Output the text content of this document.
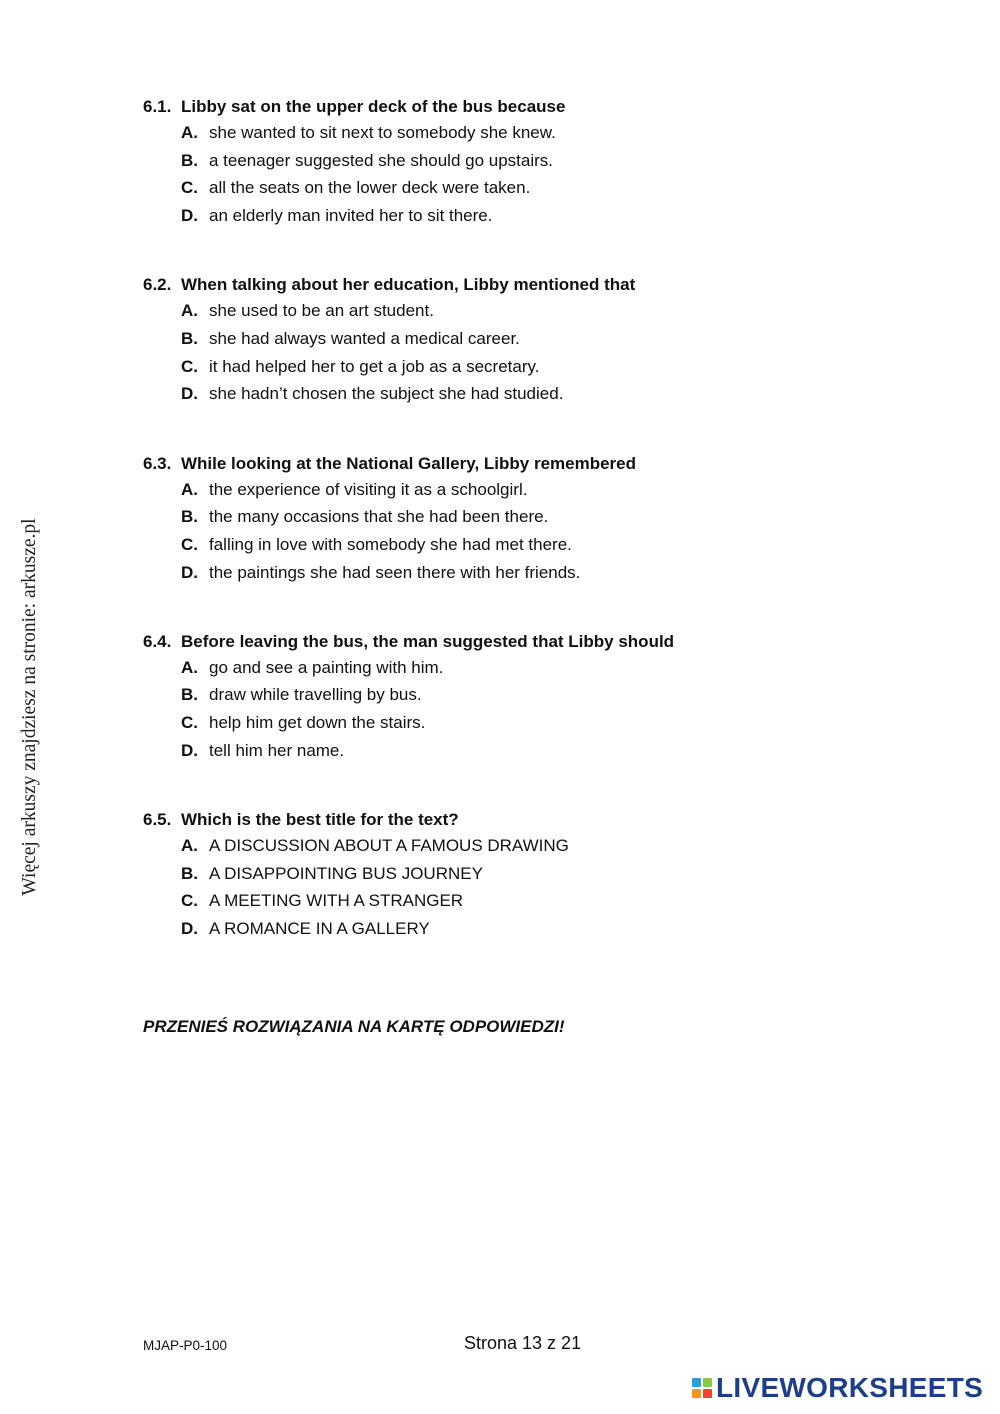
Więcej arkuszy znajdziesz na stronie: arkusze.pl
6.1. Libby sat on the upper deck of the bus because
A. she wanted to sit next to somebody she knew.
B. a teenager suggested she should go upstairs.
C. all the seats on the lower deck were taken.
D. an elderly man invited her to sit there.
6.2. When talking about her education, Libby mentioned that
A. she used to be an art student.
B. she had always wanted a medical career.
C. it had helped her to get a job as a secretary.
D. she hadn’t chosen the subject she had studied.
6.3. While looking at the National Gallery, Libby remembered
A. the experience of visiting it as a schoolgirl.
B. the many occasions that she had been there.
C. falling in love with somebody she had met there.
D. the paintings she had seen there with her friends.
6.4. Before leaving the bus, the man suggested that Libby should
A. go and see a painting with him.
B. draw while travelling by bus.
C. help him get down the stairs.
D. tell him her name.
6.5. Which is the best title for the text?
A. A DISCUSSION ABOUT A FAMOUS DRAWING
B. A DISAPPOINTING BUS JOURNEY
C. A MEETING WITH A STRANGER
D. A ROMANCE IN A GALLERY
PRZENIEŚ ROZWIĄZANIA NA KARTĘ ODPOWIEDZI!
MJAP-P0-100	Strona 13 z 21
LIVEWORKSHEETS
